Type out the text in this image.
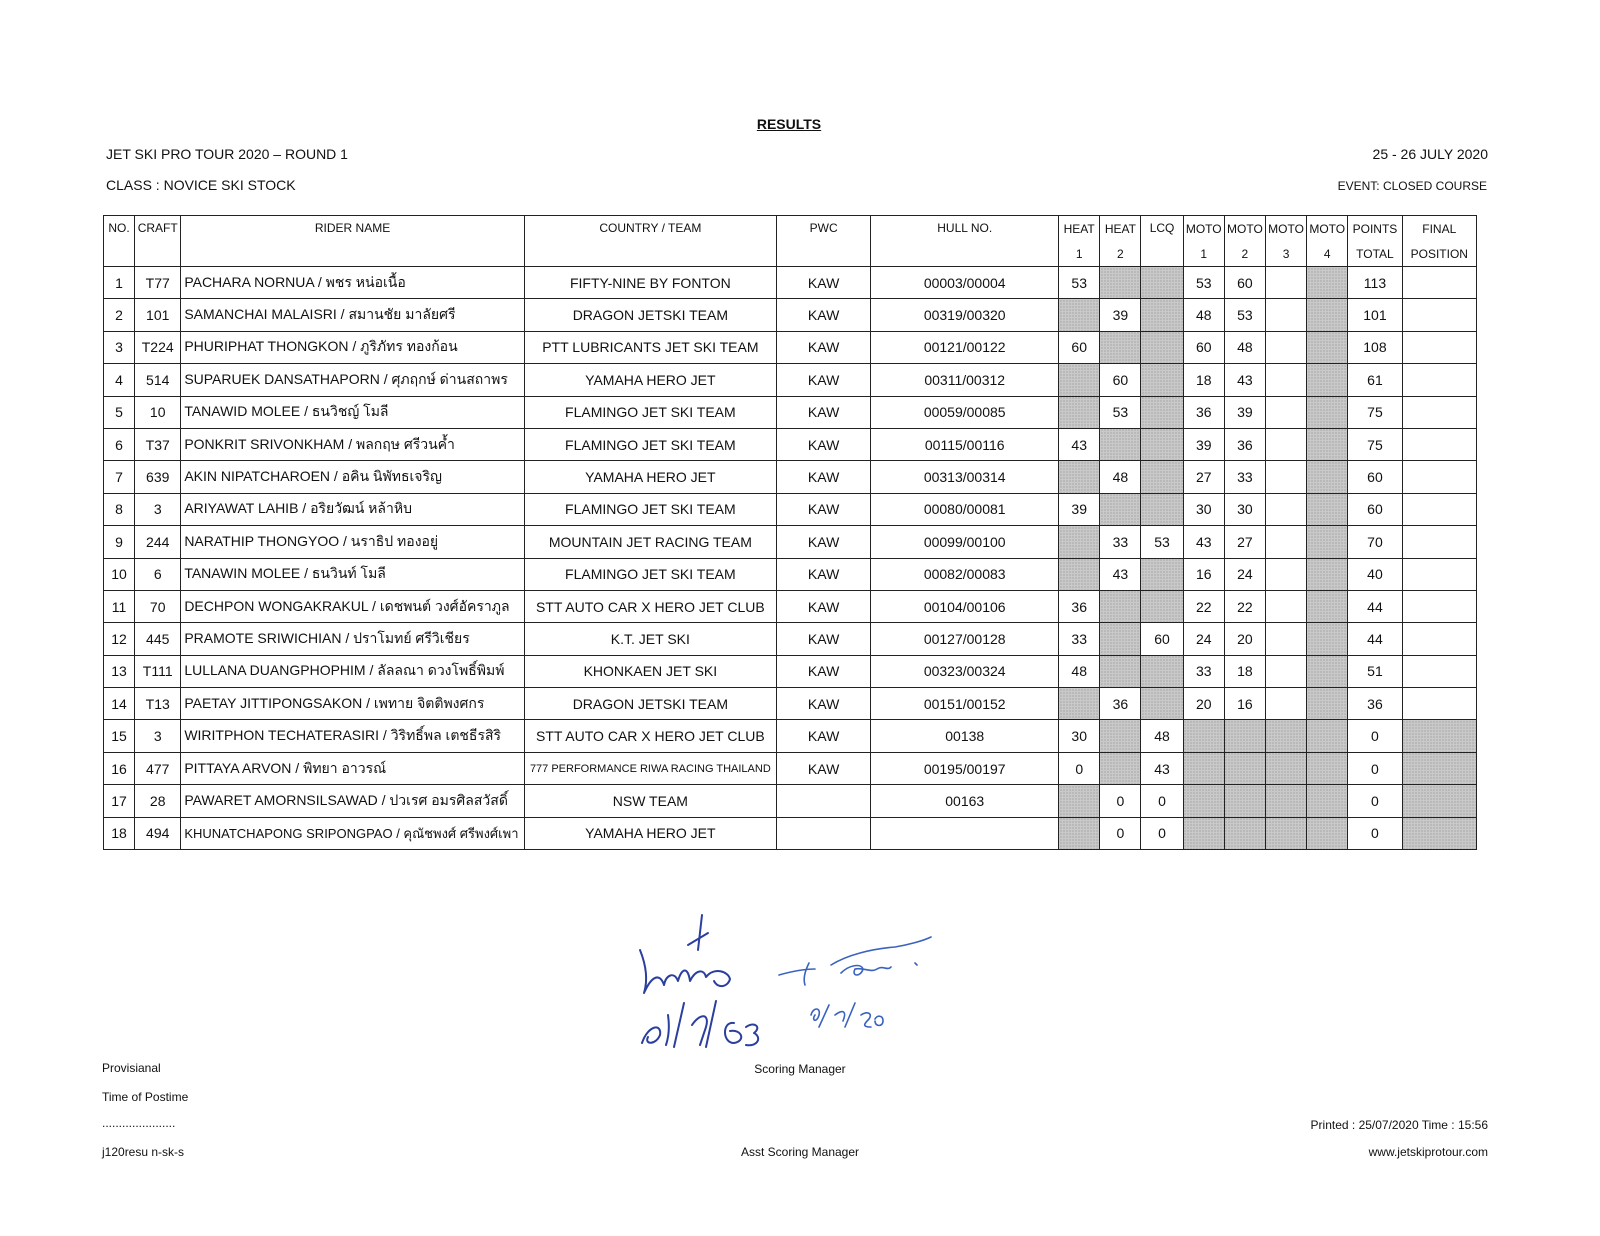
RESULTS
JET SKI PRO TOUR 2020 – ROUND 1	25 - 26 JULY 2020
CLASS : NOVICE SKI STOCK	EVENT: CLOSED COURSE
NO.	CRAFT	RIDER NAME	COUNTRY / TEAM	PWC	HULL NO.	HEAT	HEAT	LCQ	MOTO	MOTO	MOTO	MOTO	POINTS	FINAL
						1	2		1	2	3	4	TOTAL	POSITION
1	T77	PACHARA NORNUA / พชร หน่อเนื้อ	FIFTY-NINE BY FONTON	KAW	00003/00004	53			53	60			113	
2	101	SAMANCHAI MALAISRI / สมานชัย มาลัยศรี	DRAGON JETSKI TEAM	KAW	00319/00320		39		48	53			101	
3	T224	PHURIPHAT THONGKON / ภูริภัทร ทองก้อน	PTT LUBRICANTS JET SKI TEAM	KAW	00121/00122	60			60	48			108	
4	514	SUPARUEK DANSATHAPORN / ศุภฤกษ์ ด่านสถาพร	YAMAHA HERO JET	KAW	00311/00312		60		18	43			61	
5	10	TANAWID MOLEE / ธนวิชญ์ โมลี	FLAMINGO JET SKI TEAM	KAW	00059/00085		53		36	39			75	
6	T37	PONKRIT SRIVONKHAM / พลกฤษ ศรีวนค้ำ	FLAMINGO JET SKI TEAM	KAW	00115/00116	43			39	36			75	
7	639	AKIN NIPATCHAROEN / อคิน นิพัทธเจริญ	YAMAHA HERO JET	KAW	00313/00314		48		27	33			60	
8	3	ARIYAWAT LAHIB / อริยวัฒน์ หล้าหิบ	FLAMINGO JET SKI TEAM	KAW	00080/00081	39			30	30			60	
9	244	NARATHIP THONGYOO / นราธิป ทองอยู่	MOUNTAIN JET RACING TEAM	KAW	00099/00100		33	53	43	27			70	
10	6	TANAWIN MOLEE / ธนวินท์ โมลี	FLAMINGO JET SKI TEAM	KAW	00082/00083		43		16	24			40	
11	70	DECHPON WONGAKRAKUL / เดชพนต์ วงศ์อัคราภูล	STT AUTO CAR X HERO JET CLUB	KAW	00104/00106	36			22	22			44	
12	445	PRAMOTE SRIWICHIAN / ปราโมทย์ ศรีวิเชียร	K.T. JET SKI	KAW	00127/00128	33		60	24	20			44	
13	T111	LULLANA DUANGPHOPHIM / ลัลลณา ดวงโพธิ์พิมพ์	KHONKAEN JET SKI	KAW	00323/00324	48			33	18			51	
14	T13	PAETAY JITTIPONGSAKON / เพทาย จิตติพงศกร	DRAGON JETSKI TEAM	KAW	00151/00152		36		20	16			36	
15	3	WIRITPHON TECHATERASIRI / วิริทธิ์พล เตชธีรสิริ	STT AUTO CAR X HERO JET CLUB	KAW	00138	30		48					0	
16	477	PITTAYA ARVON / พิทยา อาวรณ์	777 PERFORMANCE RIWA RACING THAILAND	KAW	00195/00197	0		43					0	
17	28	PAWARET AMORNSILSAWAD / ปวเรศ อมรศิลสวัสดิ์	NSW TEAM		00163		0	0					0	
18	494	KHUNATCHAPONG SRIPONGPAO / คุณัชพงศ์ ศรีพงศ์เพา	YAMAHA HERO JET				0	0					0	
Provisianal
Time of Postime
......................
j120resu n-sk-s
Scoring Manager
Asst Scoring Manager
Printed : 25/07/2020 Time : 15:56
www.jetskiprotour.com
